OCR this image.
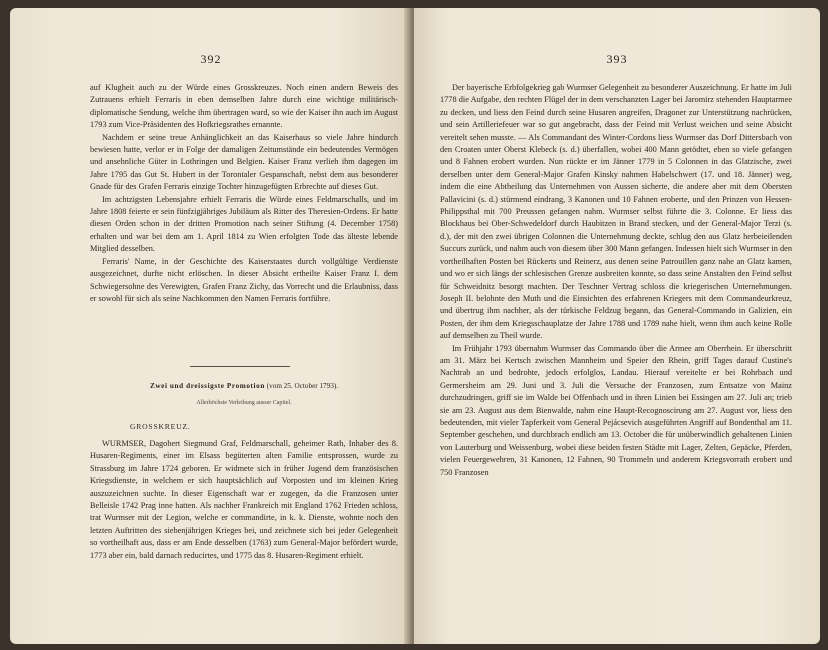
392

auf Klugheit auch zu der Würde eines Grosskreuzes. Noch einen andern Beweis des Zutrauens erhielt Ferraris in eben demselben Jahre durch eine wichtige militärisch-diplomatische Sendung, welche ihm übertragen ward, so wie der Kaiser ihn auch im August 1793 zum Vice-Präsidenten des Hofkriegsrathes ernannte.

Nachdem er seine treue Anhänglichkeit an das Kaiserhaus so viele Jahre hindurch bewiesen hatte, verlor er in Folge der damaligen Zeitumstände ein bedeutendes Vermögen und ansehnliche Güter in Lothringen und Belgien. Kaiser Franz verlieh ihm dagegen im Jahre 1795 das Gut St. Hubert in der Torontaler Gespanschaft, nebst dem aus besonderer Gnade für des Grafen Ferraris einzige Tochter hinzugefügten Erbrechte auf dieses Gut.

Im achtzigsten Lebensjahre erhielt Ferraris die Würde eines Feldmarschalls, und im Jahre 1808 feierte er sein fünfzigjähriges Jubiläum als Ritter des Theresien-Ordens. Er hatte diesen Orden schon in der dritten Promotion nach seiner Stiftung (4. December 1758) erhalten und war bei dem am 1. April 1814 zu Wien erfolgten Tode das älteste lebende Mitglied desselben.

Ferraris' Name, in der Geschichte des Kaiserstaates durch vollgültige Verdienste ausgezeichnet, durfte nicht erlöschen. In dieser Absicht ertheilte Kaiser Franz I. dem Schwiegersohne des Verewigten, Grafen Franz Zichy, das Vorrecht und die Erlaubniss, dass er sowohl für sich als seine Nachkommen den Namen Ferraris fortführe.

Zwei und dreissigste Promotion (vom 25. October 1793).
Allerhöchste Verleihung ausser Capitel.
GROSSKREUZ.

WURMSER, Dagobert Siegmund Graf, Feldmarschall, geheimer Rath, Inhaber des 8. Husaren-Regiments, einer im Elsass begüterten alten Familie entsprossen, wurde zu Strassburg im Jahre 1724 geboren. Er widmete sich in früher Jugend dem französischen Kriegsdienste, in welchem er sich hauptsächlich auf Vorposten und im kleinen Krieg auszuzeichnen suchte. In dieser Eigenschaft war er zugegen, da die Franzosen unter Belleisle 1742 Prag inne hatten. Als nachher Frankreich mit England 1762 Frieden schloss, trat Wurmser mit der Legion, welche er commandirte, in k. k. Dienste, wohnte noch den letzten Auftritten des siebenjährigen Krieges bei, und zeichnete sich bei jeder Gelegenheit so vortheilhaft aus, dass er am Ende desselben (1763) zum General-Major befördert wurde, 1773 aber ein, bald darnach reducirtes, und 1775 das 8. Husaren-Regiment erhielt.

393

Der bayerische Erbfolgekrieg gab Wurmser Gelegenheit zu besonderer Auszeichnung. Er hatte im Juli 1778 die Aufgabe, den rechten Flügel der in dem verschanzten Lager bei Jaromirz stehenden Hauptarmee zu decken, und liess den Feind durch seine Husaren angreifen, Dragoner zur Unterstützung nachrücken, und sein Artilleriefeuer war so gut angebracht, dass der Feind mit Verlust weichen und seine Absicht vereitelt sehen musste. — Als Commandant des Winter-Cordons liess Wurmser das Dorf Dittersbach von den Croaten unter Oberst Klebeck (s. d.) überfallen, wobei 400 Mann getödtet, eben so viele gefangen und 8 Fahnen erobert wurden. Nun rückte er im Jänner 1779 in 5 Colonnen in das Glatzische, zwei derselben unter dem General-Major Grafen Kinsky nahmen Habelschwert (17. und 18. Jänner) weg, indem die eine Abtheilung das Unternehmen von Aussen sicherte, die andere aber mit dem Obersten Pallavicini (s. d.) stürmend eindrang, 3 Kanonen und 10 Fahnen eroberte, und den Prinzen von Hessen-Philippsthal mit 700 Preussen gefangen nahm. Wurmser selbst führte die 3. Colonne. Er liess das Blockhaus bei Ober-Schwedeldorf durch Haubitzen in Brand stecken, und der General-Major Terzi (s. d.), der mit den zwei übrigen Colonnen die Unternehmung deckte, schlug den aus Glatz herbeieilenden Succurs zurück, und nahm auch von diesem über 300 Mann gefangen. Indessen hielt sich Wurmser in den vortheilhaften Posten bei Rückerts und Reinerz, aus denen seine Patrouillen ganz nahe an Glatz kamen, und wo er sich längs der schlesischen Grenze ausbreiten konnte, so dass seine Anstalten den Feind selbst für Schweidnitz besorgt machten. Der Teschner Vertrag schloss die kriegerischen Unternehmungen. Joseph II. belohnte den Muth und die Einsichten des erfahrenen Kriegers mit dem Commandeurkreuz, und übertrug ihm nachher, als der türkische Feldzug begann, das General-Commando in Galizien, ein Posten, der ihm dem Kriegsschauplatze der Jahre 1788 und 1789 nahe hielt, wenn ihm auch keine Rolle auf demselben zu Theil wurde.

Im Frühjahr 1793 übernahm Wurmser das Commando über die Armee am Oberrhein. Er überschritt am 31. März bei Kertsch zwischen Mannheim und Speier den Rhein, griff Tages darauf Custine's Nachtrab an und bedrohte, jedoch erfolglos, Landau. Hierauf vereitelte er bei Rohrbach und Germersheim am 29. Juni und 3. Juli die Versuche der Franzosen, zum Entsatze von Mainz durchzudringen, griff sie im Walde bei Offenbach und in ihren Linien bei Essingen am 27. Juli an; trieb sie am 23. August aus dem Bienwalde, nahm eine Haupt-Recognoscirung am 27. August vor, liess den bedeutenden, mit vieler Tapferkeit vom General Pejácsevich ausgeführten Angriff auf Bondenthal am 11. September geschehen, und durchbrach endlich am 13. October die für unüberwindlich gehaltenen Linien von Lauterburg und Weissenburg, wobei diese beiden festen Städte mit Lager, Zelten, Gepäcke, Pferden, vielen Feuergewehren, 31 Kanonen, 12 Fahnen, 90 Trommeln und anderem Kriegsvorrath erobert und 750 Franzosen
